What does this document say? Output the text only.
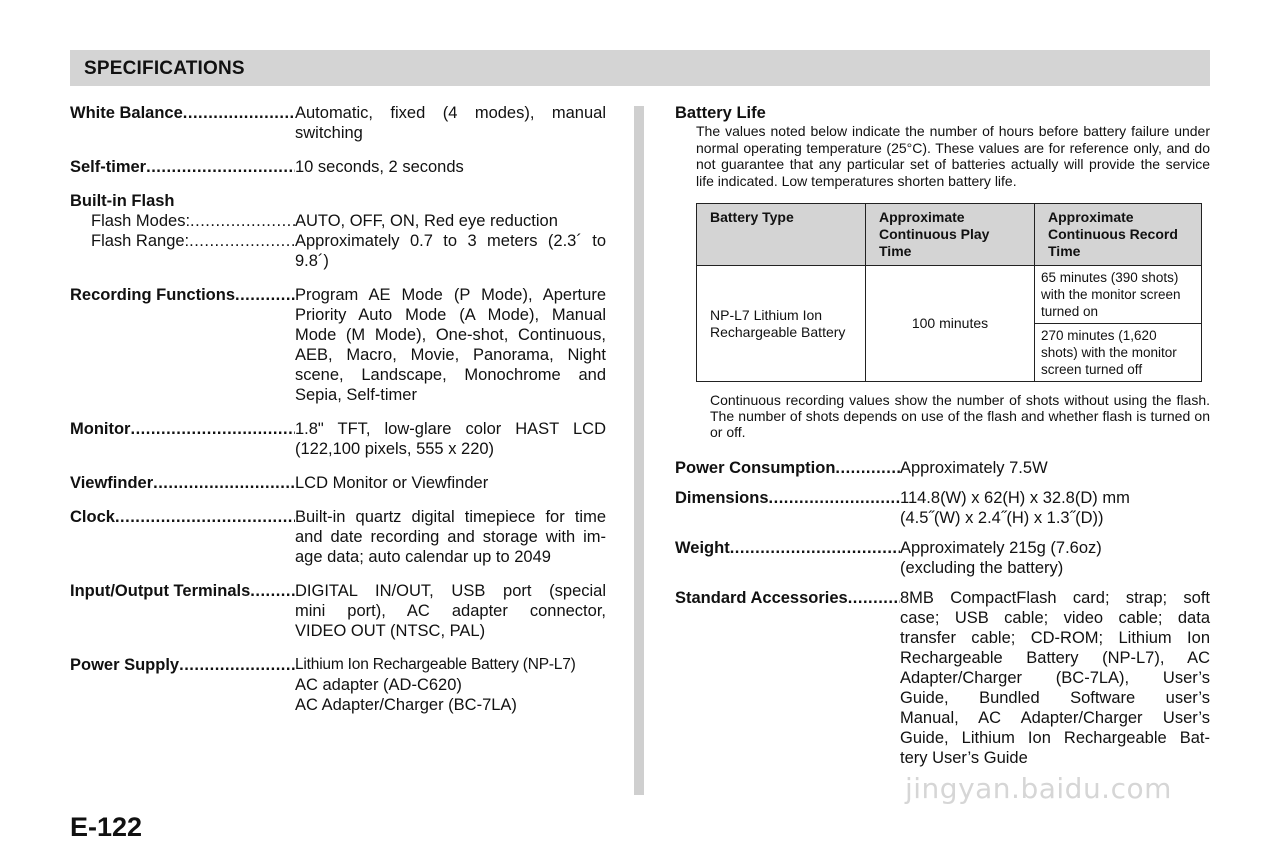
SPECIFICATIONS
White Balance .....	Automatic, fixed (4 modes), manual
switching
Self-timer .....	10 seconds, 2 seconds
Built-in Flash
Flash Modes: .....	AUTO, OFF, ON, Red eye reduction
Flash Range: .....	Approximately 0.7 to 3 meters (2.3´ to
9.8´)
Recording Functions .....	Program AE Mode (P Mode), Aperture
Priority Auto Mode (A Mode), Manual
Mode (M Mode), One-shot, Continuous,
AEB, Macro, Movie, Panorama, Night
scene, Landscape, Monochrome and
Sepia, Self-timer
Monitor .....	1.8" TFT, low-glare color HAST LCD
(122,100 pixels, 555 x 220)
Viewfinder .....	LCD Monitor or Viewfinder
Clock .....	Built-in quartz digital timepiece for time
and date recording and storage with im-
age data; auto calendar up to 2049
Input/Output Terminals .....	DIGITAL IN/OUT, USB port (special
mini port), AC adapter connector,
VIDEO OUT (NTSC, PAL)
Power Supply .....	Lithium Ion Rechargeable Battery (NP-L7)
AC adapter (AD-C620)
AC Adapter/Charger (BC-7LA)
Battery Life
The values noted below indicate the number of hours before battery failure under normal operating temperature (25°C). These values are for reference only, and do not guarantee that any particular set of batteries actually will provide the service life indicated. Low temperatures shorten battery life.
Battery Type	Approximate Continuous Play Time	Approximate Continuous Record Time
NP-L7 Lithium Ion Rechargeable Battery	100 minutes	65 minutes (390 shots) with the monitor screen turned on
		270 minutes (1,620 shots) with the monitor screen turned off
Continuous recording values show the number of shots without using the flash. The number of shots depends on use of the flash and whether flash is turned on or off.
Power Consumption .....	Approximately 7.5W
Dimensions .....	114.8(W) x 62(H) x 32.8(D) mm
(4.5˝(W) x 2.4˝(H) x 1.3˝(D))
Weight .....	Approximately 215g (7.6oz)
(excluding the battery)
Standard Accessories .....	8MB CompactFlash card; strap; soft
case; USB cable; video cable; data
transfer cable; CD-ROM; Lithium Ion
Rechargeable Battery (NP-L7), AC
Adapter/Charger (BC-7LA), User’s
Guide, Bundled Software user’s
Manual, AC Adapter/Charger User’s
Guide, Lithium Ion Rechargeable Bat-
tery User’s Guide
E-122
jingyan.baidu.com
